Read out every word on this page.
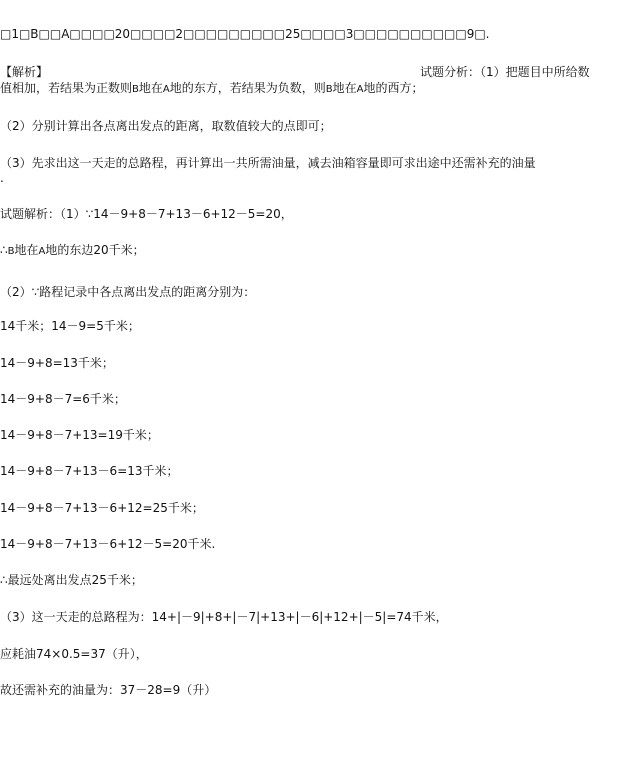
□1□B□□A□□□□20□□□□2□□□□□□□□□25□□□□3□□□□□□□□□□9□.
【解析】	试题分析：（1）把题目中所给数
值相加，若结果为正数则B地在A地的东方，若结果为负数，则B地在A地的西方；
（2）分别计算出各点离出发点的距离，取数值较大的点即可；
（3）先求出这一天走的总路程，再计算出一共所需油量，减去油箱容量即可求出途中还需补充的油量
.
试题解析：（1）∵14－9+8－7+13－6+12－5=20，
∴B地在A地的东边20千米；
（2）∵路程记录中各点离出发点的距离分别为：
14千米；14－9=5千米；
14－9+8=13千米；
14－9+8－7=6千米；
14－9+8－7+13=19千米；
14－9+8－7+13－6=13千米；
14－9+8－7+13－6+12=25千米；
14－9+8－7+13－6+12－5=20千米.
∴最远处离出发点25千米；
（3）这一天走的总路程为：14+|－9|+8+|－7|+13+|－6|+12+|－5|=74千米，
应耗油74×0.5=37（升），
故还需补充的油量为：37－28=9（升）
